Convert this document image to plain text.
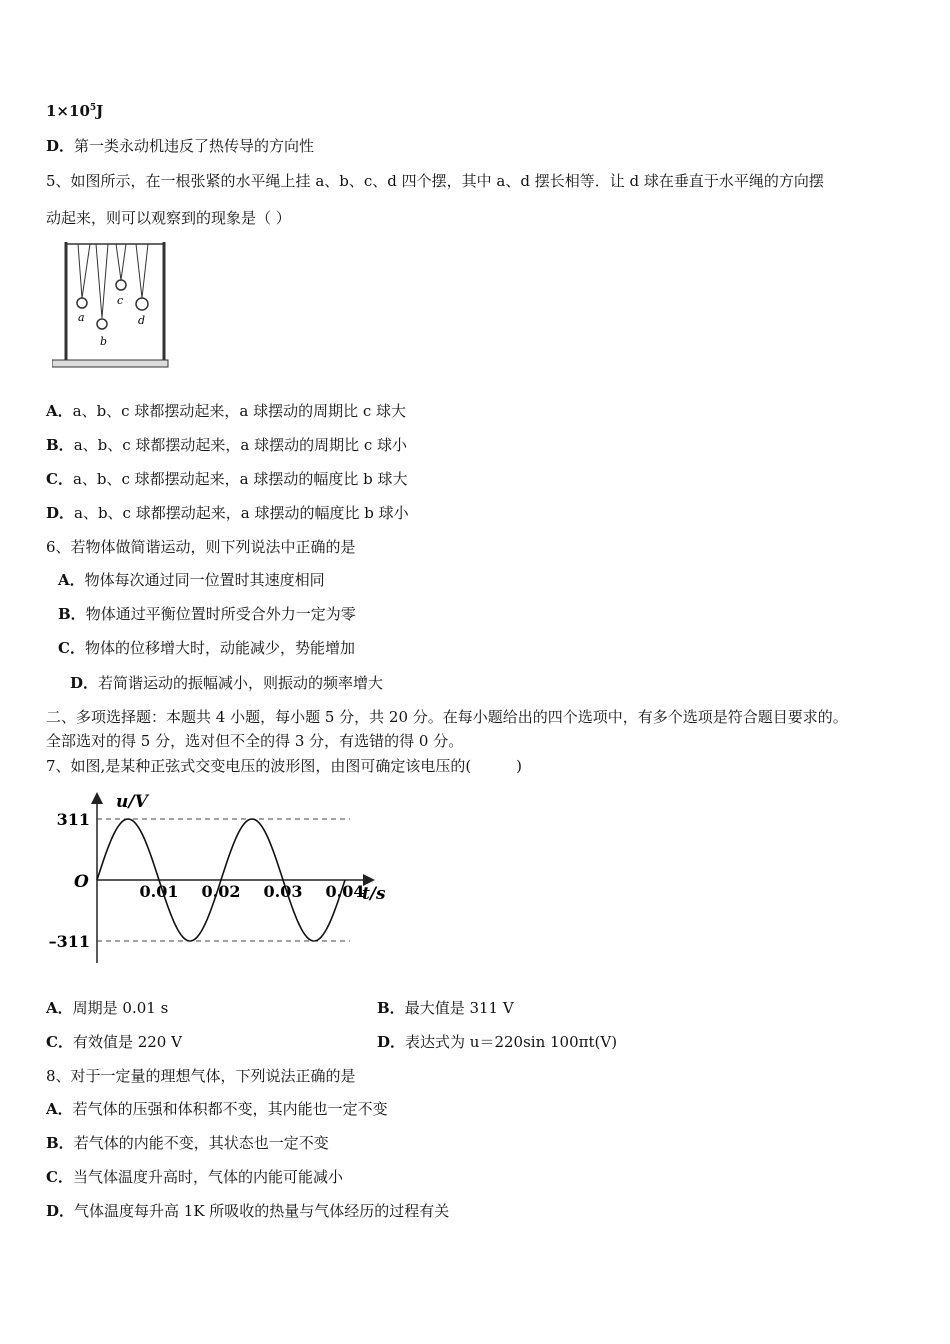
$1\times 10^5J$
D．第一类永动机违反了热传导的方向性
5、如图所示，在一根张紧的水平绳上挂 a、b、c、d 四个摆，其中 a、d 摆长相等．让 d 球在垂直于水平绳的方向摆
动起来，则可以观察到的现象是（ ）
a
b
c
d
A．a、b、c 球都摆动起来，a 球摆动的周期比 c 球大
B．a、b、c 球都摆动起来，a 球摆动的周期比 c 球小
C．a、b、c 球都摆动起来，a 球摆动的幅度比 b 球大
D．a、b、c 球都摆动起来，a 球摆动的幅度比 b 球小
6、若物体做简谐运动，则下列说法中正确的是
A．物体每次通过同一位置时其速度相同
B．物体通过平衡位置时所受合外力一定为零
C．物体的位移增大时，动能减少，势能增加
D．若简谐运动的振幅减小，则振动的频率增大
二、多项选择题：本题共 4 小题，每小题 5 分，共 20 分。在每小题给出的四个选项中，有多个选项是符合题目要求的。
全部选对的得 5 分，选对但不全的得 3 分，有选错的得 0 分。
7、如图,是某种正弦式交变电压的波形图，由图可确定该电压的(　　　)
u/V
t/s
O
311
–311
0.01 0.02 0.03 0.04
A．周期是 0.01 s	B．最大值是 311 V
C．有效值是 220 V	D．表达式为 u＝220sin 100πt(V)
8、对于一定量的理想气体，下列说法正确的是
A．若气体的压强和体积都不变，其内能也一定不变
B．若气体的内能不变，其状态也一定不变
C．当气体温度升高时，气体的内能可能减小
D．气体温度每升高 1K 所吸收的热量与气体经历的过程有关
